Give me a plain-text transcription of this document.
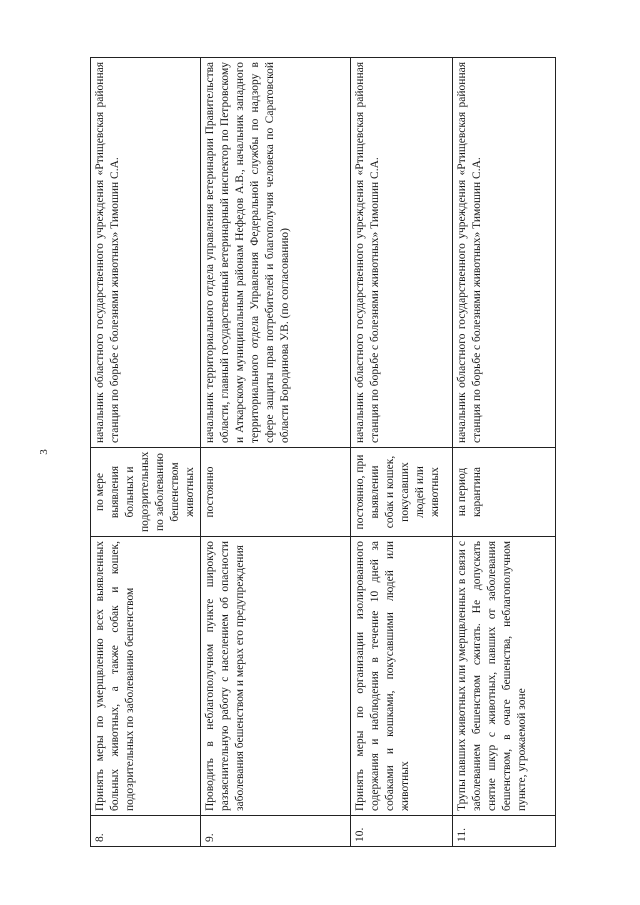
3
8.	Принять меры по умерщвлению всех выявленных больных животных, а также собак и кошек, подозрительных по заболеванию бешенством	по мере выявления больных и подозрительных по заболеванию бешенством животных	начальник областного государственного учреждения «Ртищевская районная станция по борьбе с болезнями животных» Тимошин С.А.
9.	Проводить в неблагополучном пункте широкую разъяснительную работу с населением об опасности заболевания бешенством и мерах его предупреждения	постоянно	начальник территориального отдела управления ветеринарии Правительства области, главный государственный ветеринарный инспектор по Петровскому и Аткарскому муниципальным районам Нефедов А.В., начальник западного территориального отдела Управления Федеральной службы по надзору в сфере защиты прав потребителей и благополучия человека по Саратовской области Бородинова У.В. (по согласованию)
10.	Принять меры по организации изолированного содержания и наблюдения в течение 10 дней за собаками и кошками, покусавшими людей или животных	постоянно, при выявлении собак и кошек, покусавших людей или животных	начальник областного государственного учреждения «Ртищевская районная станция по борьбе с болезнями животных» Тимошин С.А.
11.	Трупы павших животных или умерщвленных в связи с заболеванием бешенством сжигать. Не допускать снятие шкур с животных, павших от заболевания бешенством, в очаге бешенства, неблагополучном пункте, угрожаемой зоне	на период карантина	начальник областного государственного учреждения «Ртищевская районная станция по борьбе с болезнями животных» Тимошин С.А.
